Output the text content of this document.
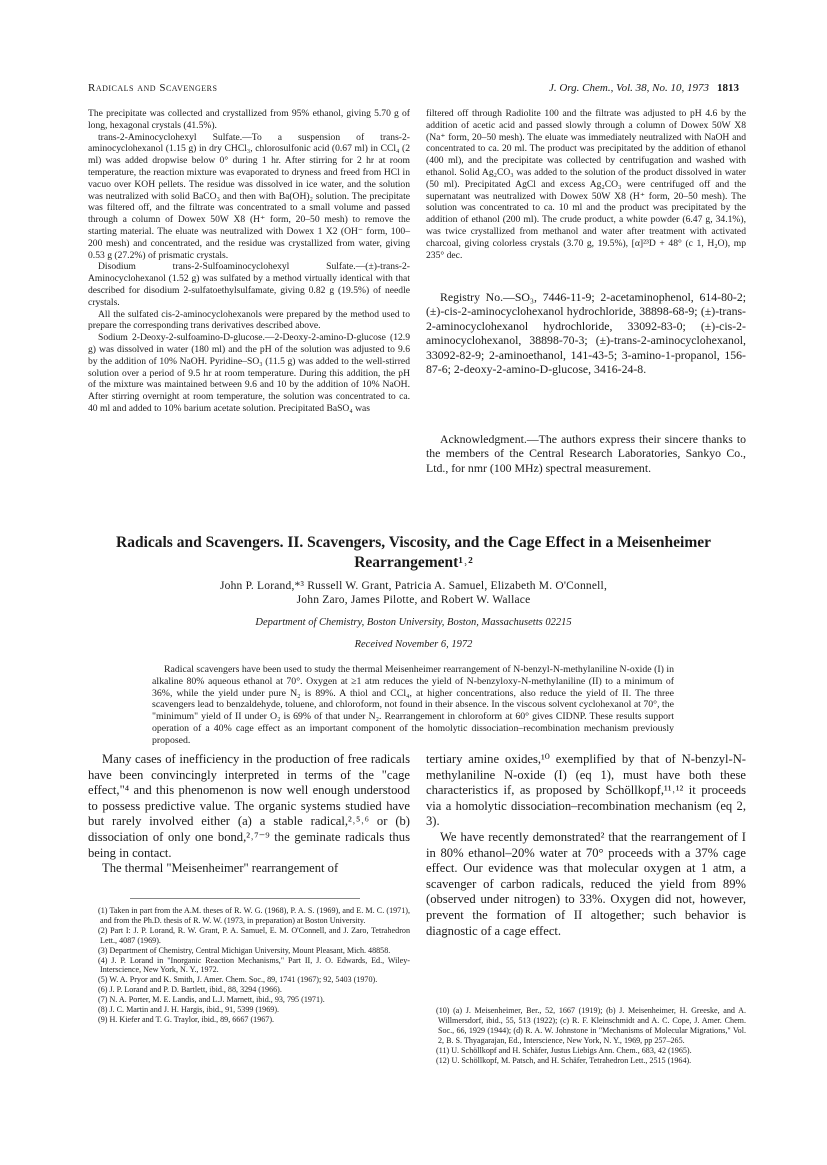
Radicals and Scavengers	J. Org. Chem., Vol. 38, No. 10, 1973 1813

The precipitate was collected and crystallized from 95% ethanol, giving 5.70 g of long, hexagonal crystals (41.5%).

trans-2-Aminocyclohexyl Sulfate.—To a suspension of trans-2-aminocyclohexanol (1.15 g) in dry CHCl₃, chlorosulfonic acid (0.67 ml) in CCl₄ (2 ml) was added dropwise below 0° during 1 hr. After stirring for 2 hr at room temperature, the reaction mixture was evaporated to dryness and freed from HCl in vacuo over KOH pellets. The residue was dissolved in ice water, and the solution was neutralized with solid BaCO₃ and then with Ba(OH)₂ solution. The precipitate was filtered off, and the filtrate was concentrated to a small volume and passed through a column of Dowex 50W X8 (H⁺ form, 20–50 mesh) to remove the starting material. The eluate was neutralized with Dowex 1 X2 (OH⁻ form, 100–200 mesh) and concentrated, and the residue was crystallized from water, giving 0.53 g (27.2%) of prismatic crystals.

Disodium trans-2-Sulfoaminocyclohexyl Sulfate.—(±)-trans-2-Aminocyclohexanol (1.52 g) was sulfated by a method virtually identical with that described for disodium 2-sulfatoethylsulfamate, giving 0.82 g (19.5%) of needle crystals.

All the sulfated cis-2-aminocyclohexanols were prepared by the method used to prepare the corresponding trans derivatives described above.

Sodium 2-Deoxy-2-sulfoamino-D-glucose.—2-Deoxy-2-amino-D-glucose (12.9 g) was dissolved in water (180 ml) and the pH of the solution was adjusted to 9.6 by the addition of 10% NaOH. Pyridine–SO₃ (11.5 g) was added to the well-stirred solution over a period of 9.5 hr at room temperature. During this addition, the pH of the mixture was maintained between 9.6 and 10 by the addition of 10% NaOH. After stirring overnight at room temperature, the solution was concentrated to ca. 40 ml and added to 10% barium acetate solution. Precipitated BaSO₄ was

filtered off through Radiolite 100 and the filtrate was adjusted to pH 4.6 by the addition of acetic acid and passed slowly through a column of Dowex 50W X8 (Na⁺ form, 20–50 mesh). The eluate was immediately neutralized with NaOH and concentrated to ca. 20 ml. The product was precipitated by the addition of ethanol (400 ml), and the precipitate was collected by centrifugation and washed with ethanol. Solid Ag₂CO₃ was added to the solution of the product dissolved in water (50 ml). Precipitated AgCl and excess Ag₂CO₃ were centrifuged off and the supernatant was neutralized with Dowex 50W X8 (H⁺ form, 20–50 mesh). The solution was concentrated to ca. 10 ml and the product was precipitated by the addition of ethanol (200 ml). The crude product, a white powder (6.47 g, 34.1%), was twice crystallized from methanol and water after treatment with activated charcoal, giving colorless crystals (3.70 g, 19.5%), [α]²³D + 48° (c 1, H₂O), mp 235° dec.

Registry No.—SO₃, 7446-11-9; 2-acetaminophenol, 614-80-2; (±)-cis-2-aminocyclohexanol hydrochloride, 38898-68-9; (±)-trans-2-aminocyclohexanol hydrochloride, 33092-83-0; (±)-cis-2-aminocyclohexanol, 38898-70-3; (±)-trans-2-aminocyclohexanol, 33092-82-9; 2-aminoethanol, 141-43-5; 3-amino-1-propanol, 156-87-6; 2-deoxy-2-amino-D-glucose, 3416-24-8.

Acknowledgment.—The authors express their sincere thanks to the members of the Central Research Laboratories, Sankyo Co., Ltd., for nmr (100 MHz) spectral measurement.

Radicals and Scavengers. II. Scavengers, Viscosity, and the Cage Effect in a Meisenheimer Rearrangement¹˒²
John P. Lorand,*³ Russell W. Grant, Patricia A. Samuel, Elizabeth M. O'Connell,
John Zaro, James Pilotte, and Robert W. Wallace
Department of Chemistry, Boston University, Boston, Massachusetts 02215
Received November 6, 1972
Radical scavengers have been used to study the thermal Meisenheimer rearrangement of N-benzyl-N-methylaniline N-oxide (I) in alkaline 80% aqueous ethanol at 70°. Oxygen at ≥1 atm reduces the yield of N-benzyloxy-N-methylaniline (II) to a minimum of 36%, while the yield under pure N₂ is 89%. A thiol and CCl₄, at higher concentrations, also reduce the yield of II. The three scavengers lead to benzaldehyde, toluene, and chloroform, not found in their absence. In the viscous solvent cyclohexanol at 70°, the "minimum" yield of II under O₂ is 69% of that under N₂. Rearrangement in chloroform at 60° gives CIDNP. These results support operation of a 40% cage effect as an important component of the homolytic dissociation–recombination mechanism previously proposed.

Many cases of inefficiency in the production of free radicals have been convincingly interpreted in terms of the "cage effect,"⁴ and this phenomenon is now well enough understood to possess predictive value. The organic systems studied have but rarely involved either (a) a stable radical,²˒⁵˒⁶ or (b) dissociation of only one bond,²˒⁷⁻⁹ the geminate radicals thus being in contact.

The thermal "Meisenheimer" rearrangement of

tertiary amine oxides,¹⁰ exemplified by that of N-benzyl-N-methylaniline N-oxide (I) (eq 1), must have both these characteristics if, as proposed by Schöllkopf,¹¹˒¹² it proceeds via a homolytic dissociation–recombination mechanism (eq 2, 3).

We have recently demonstrated² that the rearrangement of I in 80% ethanol–20% water at 70° proceeds with a 37% cage effect. Our evidence was that molecular oxygen at 1 atm, a scavenger of carbon radicals, reduced the yield from 89% (observed under nitrogen) to 33%. Oxygen did not, however, prevent the formation of II altogether; such behavior is diagnostic of a cage effect.

(1) Taken in part from the A.M. theses of R. W. G. (1968), P. A. S. (1969), and E. M. C. (1971), and from the Ph.D. thesis of R. W. W. (1973, in preparation) at Boston University.

(2) Part I: J. P. Lorand, R. W. Grant, P. A. Samuel, E. M. O'Connell, and J. Zaro, Tetrahedron Lett., 4087 (1969).

(3) Department of Chemistry, Central Michigan University, Mount Pleasant, Mich. 48858.

(4) J. P. Lorand in "Inorganic Reaction Mechanisms," Part II, J. O. Edwards, Ed., Wiley-Interscience, New York, N. Y., 1972.

(5) W. A. Pryor and K. Smith, J. Amer. Chem. Soc., 89, 1741 (1967); 92, 5403 (1970).

(6) J. P. Lorand and P. D. Bartlett, ibid., 88, 3294 (1966).

(7) N. A. Porter, M. E. Landis, and L.J. Marnett, ibid., 93, 795 (1971).

(8) J. C. Martin and J. H. Hargis, ibid., 91, 5399 (1969).

(9) H. Kiefer and T. G. Traylor, ibid., 89, 6667 (1967).

(10) (a) J. Meisenheimer, Ber., 52, 1667 (1919); (b) J. Meisenheimer, H. Greeske, and A. Willmersdorf, ibid., 55, 513 (1922); (c) R. F. Kleinschmidt and A. C. Cope, J. Amer. Chem. Soc., 66, 1929 (1944); (d) R. A. W. Johnstone in "Mechanisms of Molecular Migrations," Vol. 2, B. S. Thyagarajan, Ed., Interscience, New York, N. Y., 1969, pp 257–265.

(11) U. Schöllkopf and H. Schäfer, Justus Liebigs Ann. Chem., 683, 42 (1965).

(12) U. Schöllkopf, M. Patsch, and H. Schäfer, Tetrahedron Lett., 2515 (1964).
